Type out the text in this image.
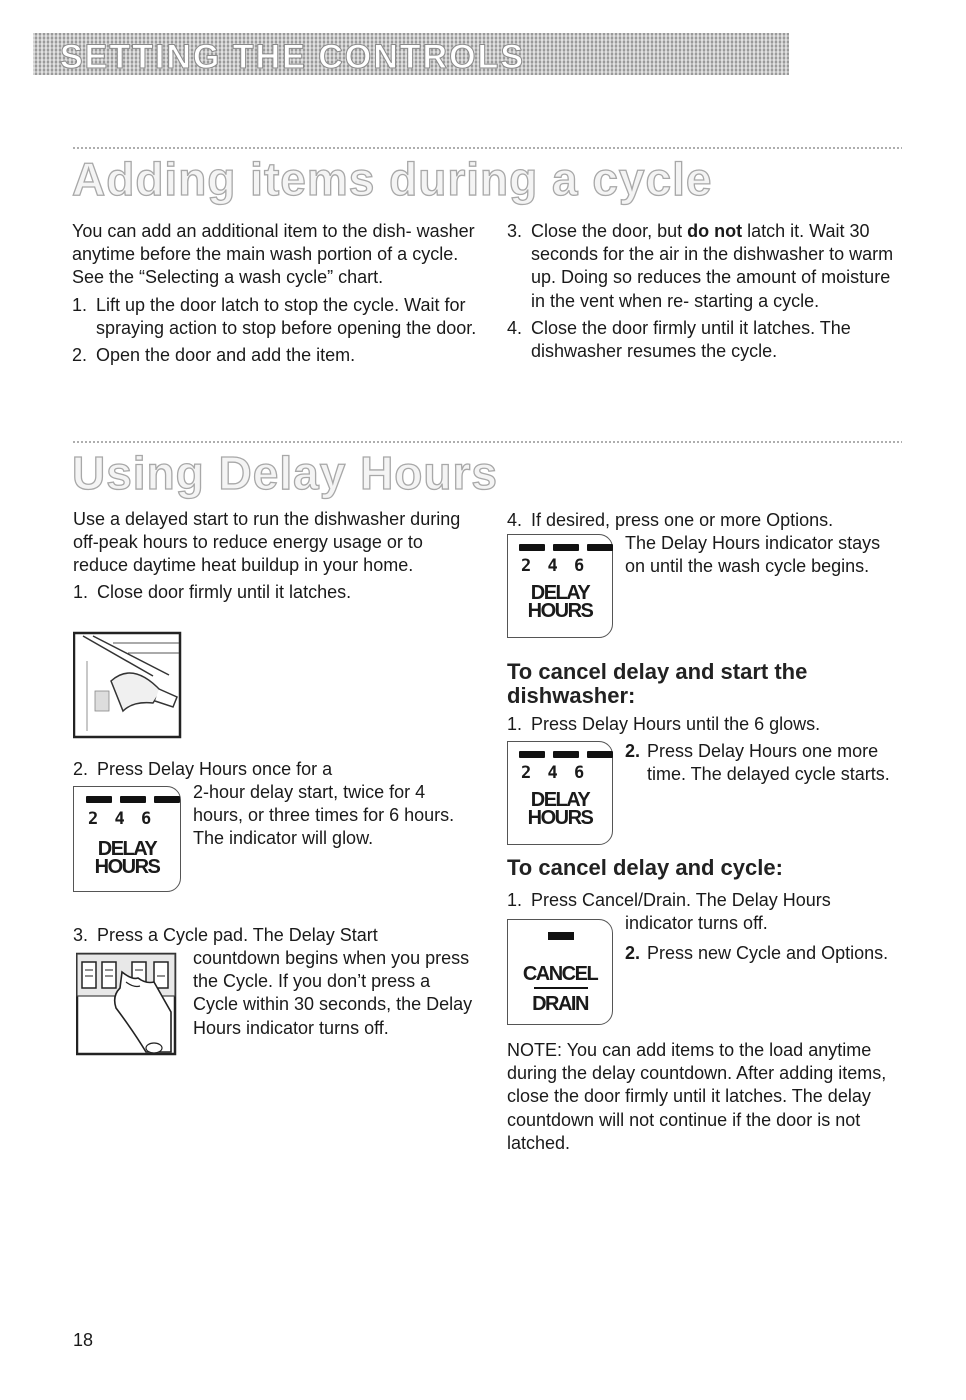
SETTING THE CONTROLS
Adding items during a cycle

You can add an additional item to the dish- washer anytime before the main wash portion of a cycle. See the “Selecting a wash cycle” chart.

1. Lift up the door latch to stop the cycle. Wait for spraying action to stop before opening the door.
2. Open the door and add the item.
3. Close the door, but do not latch it. Wait 30 seconds for the air in the dishwasher to warm up. Doing so reduces the amount of moisture in the vent when re- starting a cycle.
4. Close the door firmly until it latches. The dishwasher resumes the cycle.
Using Delay Hours

Use a delayed start to run the dishwasher during off-peak hours to reduce energy usage or to reduce daytime heat buildup in your home.

1. Close door firmly until it latches.
2. Press Delay Hours once for a
2-hour delay start, twice for 4 hours, or three times for 6 hours. The indicator will glow.
2 4 6
DELAY
HOURS
3. Press a Cycle pad. The Delay Start
countdown begins when you press the Cycle. If you don’t press a Cycle within 30 seconds, the Delay Hours indicator turns off.
4. If desired, press one or more Options.
The Delay Hours indicator stays on until the wash cycle begins.
2 4 6
DELAY
HOURS
To cancel delay and start the dishwasher:
1. Press Delay Hours until the 6 glows.
2. Press Delay Hours one more time. The delayed cycle starts.
2 4 6
DELAY
HOURS
To cancel delay and cycle:
1. Press Cancel/Drain. The Delay Hours
indicator turns off.
2. Press new Cycle and Options.
CANCEL
DRAIN
NOTE: You can add items to the load anytime during the delay countdown. After adding items, close the door firmly until it latches. The delay countdown will not continue if the door is not latched.
18
